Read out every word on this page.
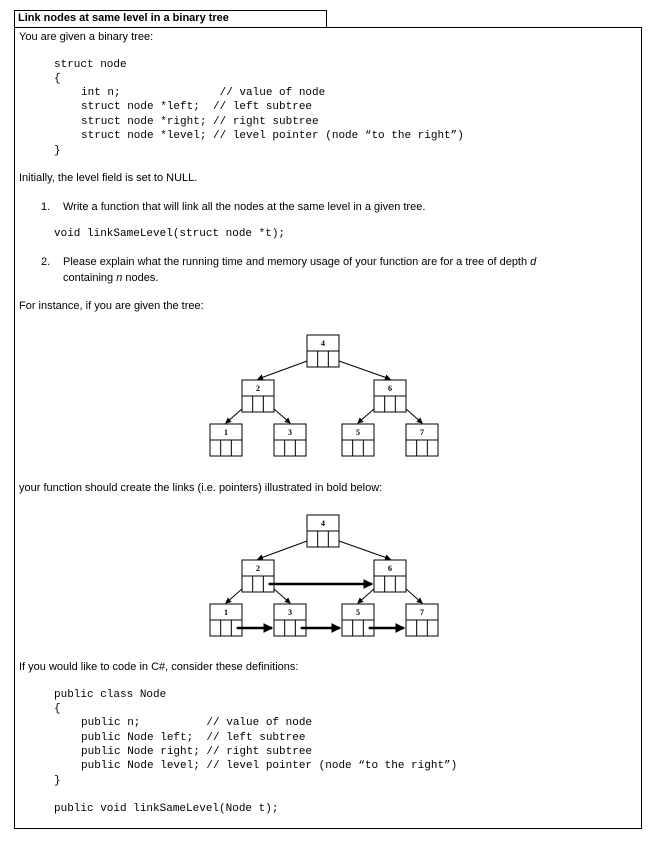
Link nodes at same level in a binary tree
You are given a binary tree:
struct node
{
int n;               // value of node
struct node *left;  // left subtree
struct node *right; // right subtree
struct node *level; // level pointer (node “to the right”)
}
Initially, the level field is set to NULL.
1. Write a function that will link all the nodes at the same level in a given tree.
void linkSameLevel(struct node *t);
2. Please explain what the running time and memory usage of your function are for a tree of depth d
containing n nodes.
For instance, if you are given the tree:
4
2	6
1	3	5	7
4
2	6
1	3	5	7
your function should create the links (i.e. pointers) illustrated in bold below:
If you would like to code in C#, consider these definitions:
public class Node
{
public n;          // value of node
public Node left;  // left subtree
public Node right; // right subtree
public Node level; // level pointer (node “to the right”)
}
public void linkSameLevel(Node t);
